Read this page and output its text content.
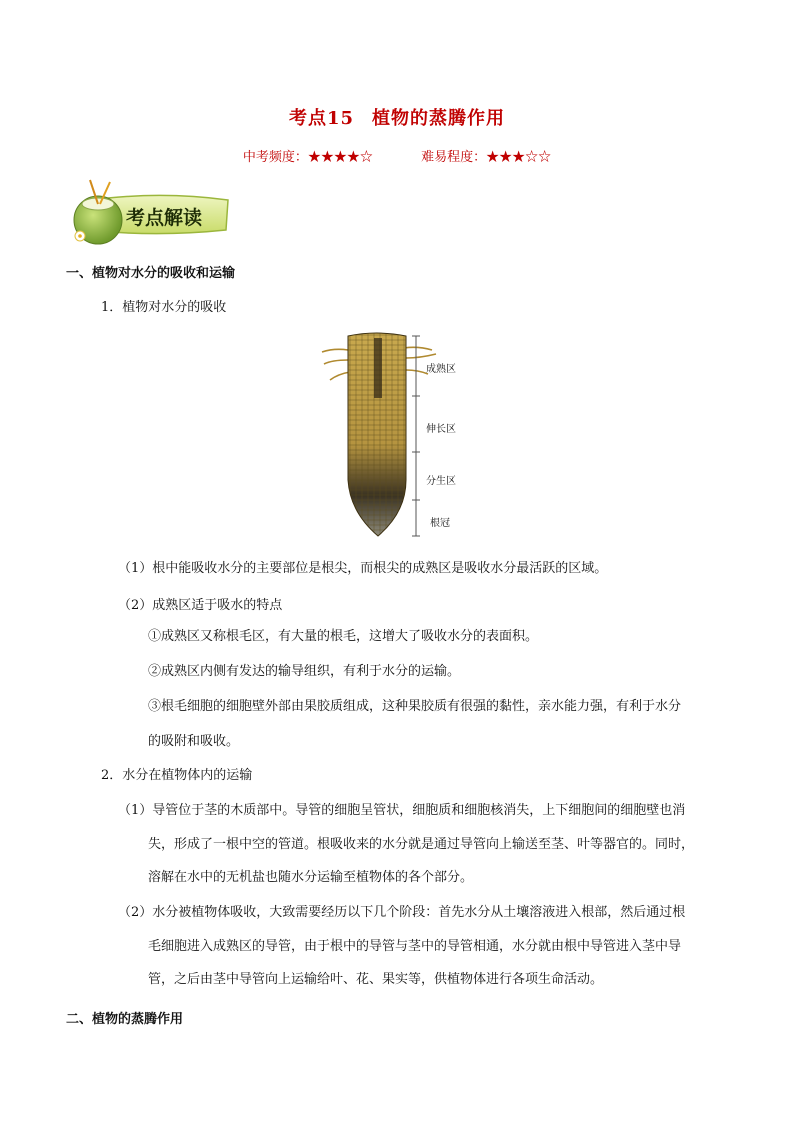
考点15 植物的蒸腾作用
中考频度：★★★★☆	难易程度：★★★☆☆
考点解读
一、植物对水分的吸收和运输
1．植物对水分的吸收
成熟区
伸长区
分生区
根冠
（1）根中能吸收水分的主要部位是根尖，而根尖的成熟区是吸收水分最活跃的区域。
（2）成熟区适于吸水的特点
①成熟区又称根毛区，有大量的根毛，这增大了吸收水分的表面积。
②成熟区内侧有发达的输导组织，有利于水分的运输。
③根毛细胞的细胞壁外部由果胶质组成，这种果胶质有很强的黏性，亲水能力强，有利于水分
的吸附和吸收。
2．水分在植物体内的运输
（1）导管位于茎的木质部中。导管的细胞呈管状，细胞质和细胞核消失，上下细胞间的细胞壁也消
失，形成了一根中空的管道。根吸收来的水分就是通过导管向上输送至茎、叶等器官的。同时，
溶解在水中的无机盐也随水分运输至植物体的各个部分。
（2）水分被植物体吸收，大致需要经历以下几个阶段：首先水分从土壤溶液进入根部，然后通过根
毛细胞进入成熟区的导管，由于根中的导管与茎中的导管相通，水分就由根中导管进入茎中导
管，之后由茎中导管向上运输给叶、花、果实等，供植物体进行各项生命活动。
二、植物的蒸腾作用
